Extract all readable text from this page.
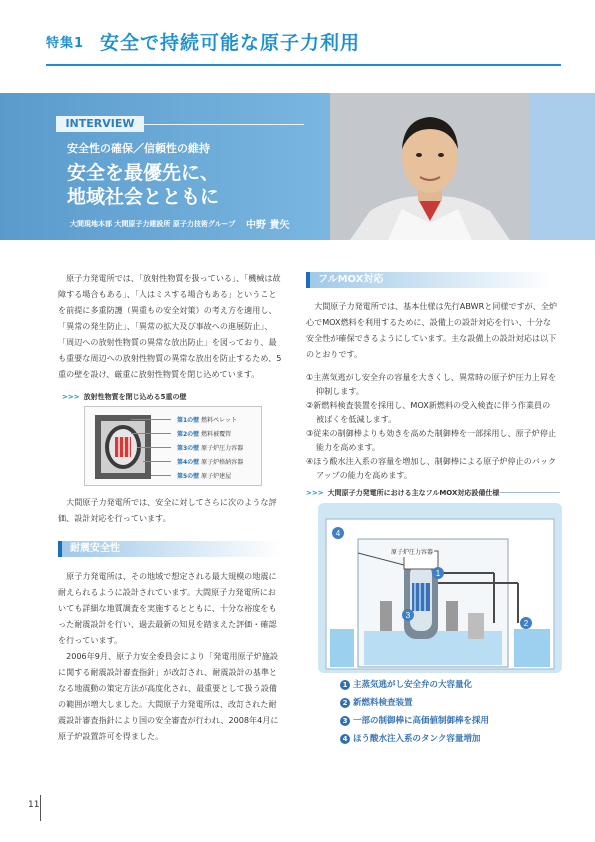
特集1 安全で持続可能な原子力利用
INTERVIEW
安全性の確保／信頼性の維持
安全を最優先に、
地域社会とともに
大間現地本部 大間原子力建設所 原子力技術グループ 中野 貴矢

原子力発電所では、「放射性物質を扱っている」、「機械は故障する場合もある」、「人はミスする場合もある」ということを前提に多重防護（異重もの安全対策）の考え方を適用し、「異常の発生防止」、「異常の拡大及び事故への進展防止」、「周辺への放射性物質の異常な放出防止」を図っており、最も重要な周辺への放射性物質の異常な放出を防止するため、5重の壁を設け、厳重に放射性物質を閉じ込めています。

>>> 放射性物質を閉じ込める5重の壁
第1の壁 燃料ペレット
第2の壁 燃料被覆管
第3の壁 原子炉圧力容器
第4の壁 原子炉格納容器
第5の壁 原子炉建屋

大間原子力発電所では、安全に対してさらに次のような評価、設計対応を行っています。

耐震安全性

原子力発電所は、その地域で想定される最大規模の地震に耐えられるように設計されています。大間原子力発電所においても詳細な地質調査を実施するとともに、十分な裕度をもった耐震設計を行い、過去最新の知見を踏まえた評価・確認を行っています。

2006年9月、原子力安全委員会により「発電用原子炉施設に関する耐震設計審査指針」が改訂され、耐震設計の基準となる地震動の策定方法が高度化され、最重要として扱う設備の範囲が増大しました。大間原子力発電所は、改訂された耐震設計審査指針により国の安全審査が行われ、2008年4月に原子炉設置許可を得ました。

フルMOX対応

大間原子力発電所では、基本仕様は先行ABWRと同様ですが、全炉心でMOX燃料を利用するために、設備上の設計対応を行い、十分な安全性が確保できるようにしています。主な設備上の設計対応は以下のとおりです。

①主蒸気逃がし安全弁の容量を大きくし、異常時の原子炉圧力上昇を抑制します。
②新燃料検査装置を採用し、MOX新燃料の受入検査に伴う作業員の被ばくを低減します。
③従来の制御棒よりも効きを高めた制御棒を一部採用し、原子炉停止能力を高めます。
④ほう酸水注入系の容量を増加し、制御棒による原子炉停止のバックアップの能力を高めます。
>>> 大間原子力発電所における主なフルMOX対応設備仕様
4
1
3
2
原子炉圧力容器
1 主蒸気逃がし安全弁の大容量化
2 新燃料検査装置
3 一部の制御棒に高価値制御棒を採用
4 ほう酸水注入系のタンク容量増加
11
